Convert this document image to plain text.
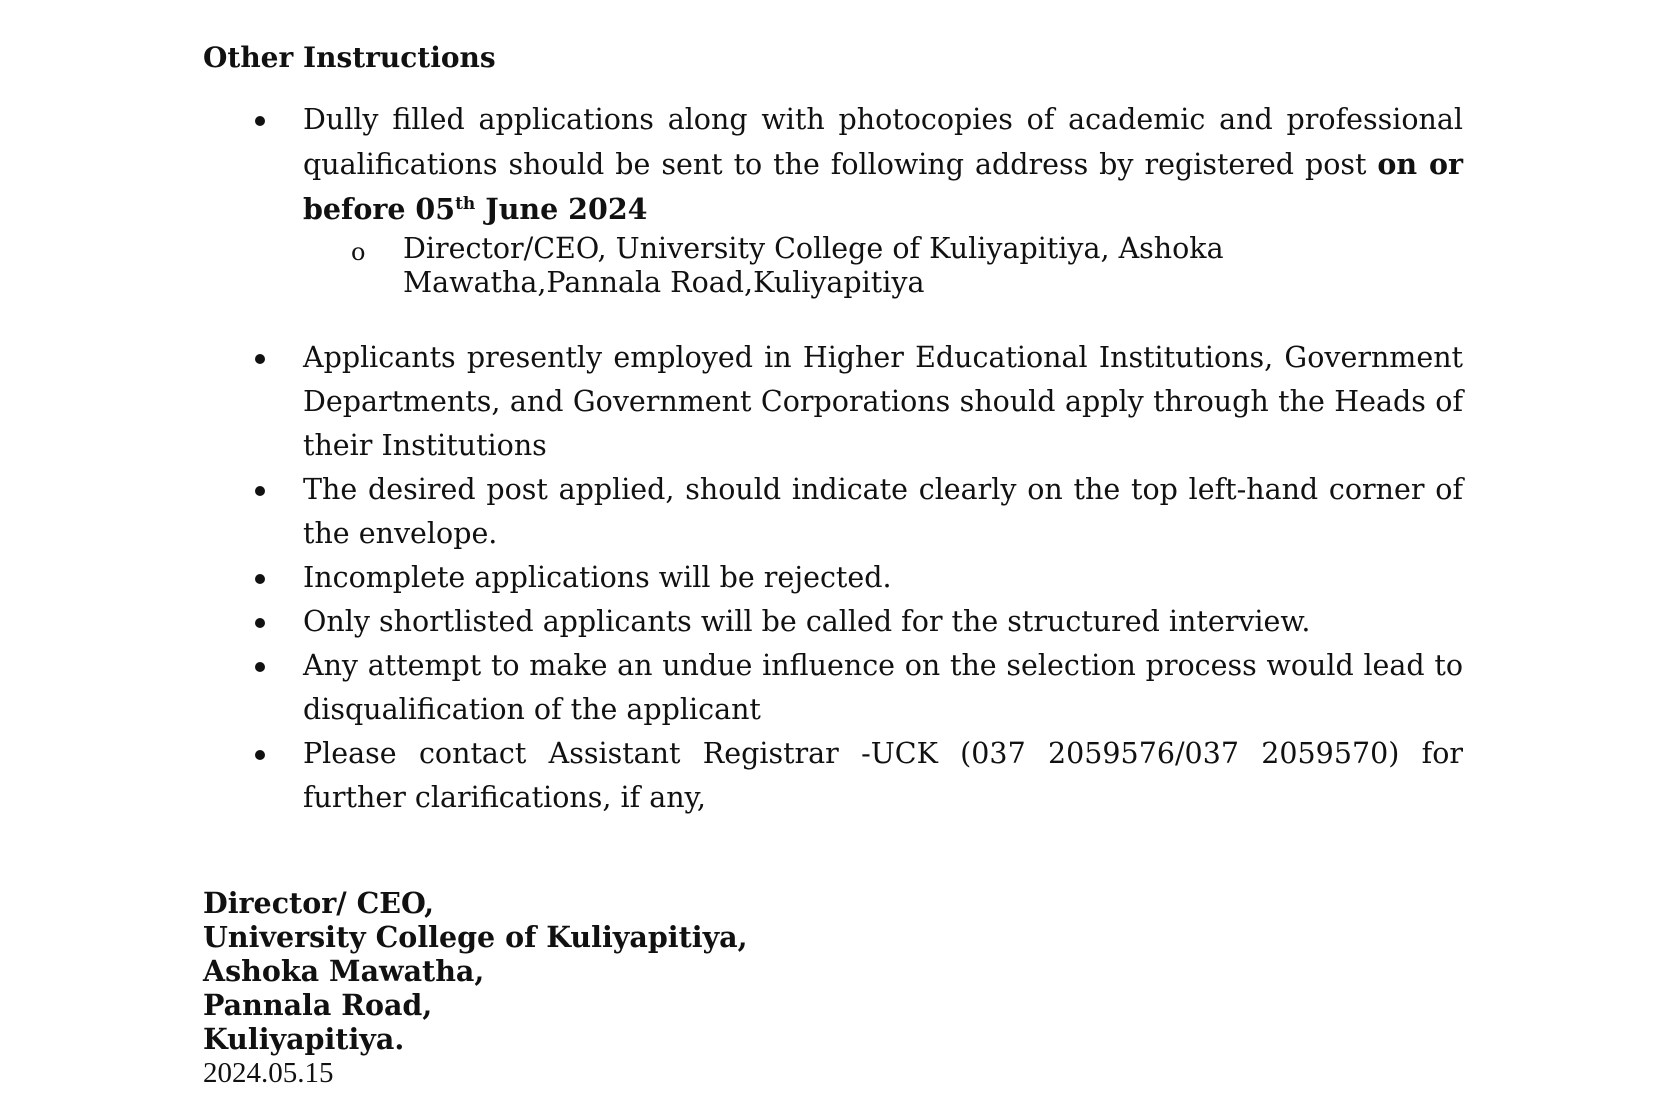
Other Instructions
Dully filled applications along with photocopies of academic and professional qualifications should be sent to the following address by registered post on or before 05th June 2024
o Director/CEO, University College of Kuliyapitiya, Ashoka Mawatha,Pannala Road,Kuliyapitiya
Applicants presently employed in Higher Educational Institutions, Government Departments, and Government Corporations should apply through the Heads of their Institutions
The desired post applied, should indicate clearly on the top left-hand corner of the envelope.
Incomplete applications will be rejected.
Only shortlisted applicants will be called for the structured interview.
Any attempt to make an undue influence on the selection process would lead to disqualification of the applicant
Please contact Assistant Registrar -UCK (037 2059576/037 2059570) for further clarifications, if any,
Director/ CEO,
University College of Kuliyapitiya,
Ashoka Mawatha,
Pannala Road,
Kuliyapitiya.
2024.05.15
